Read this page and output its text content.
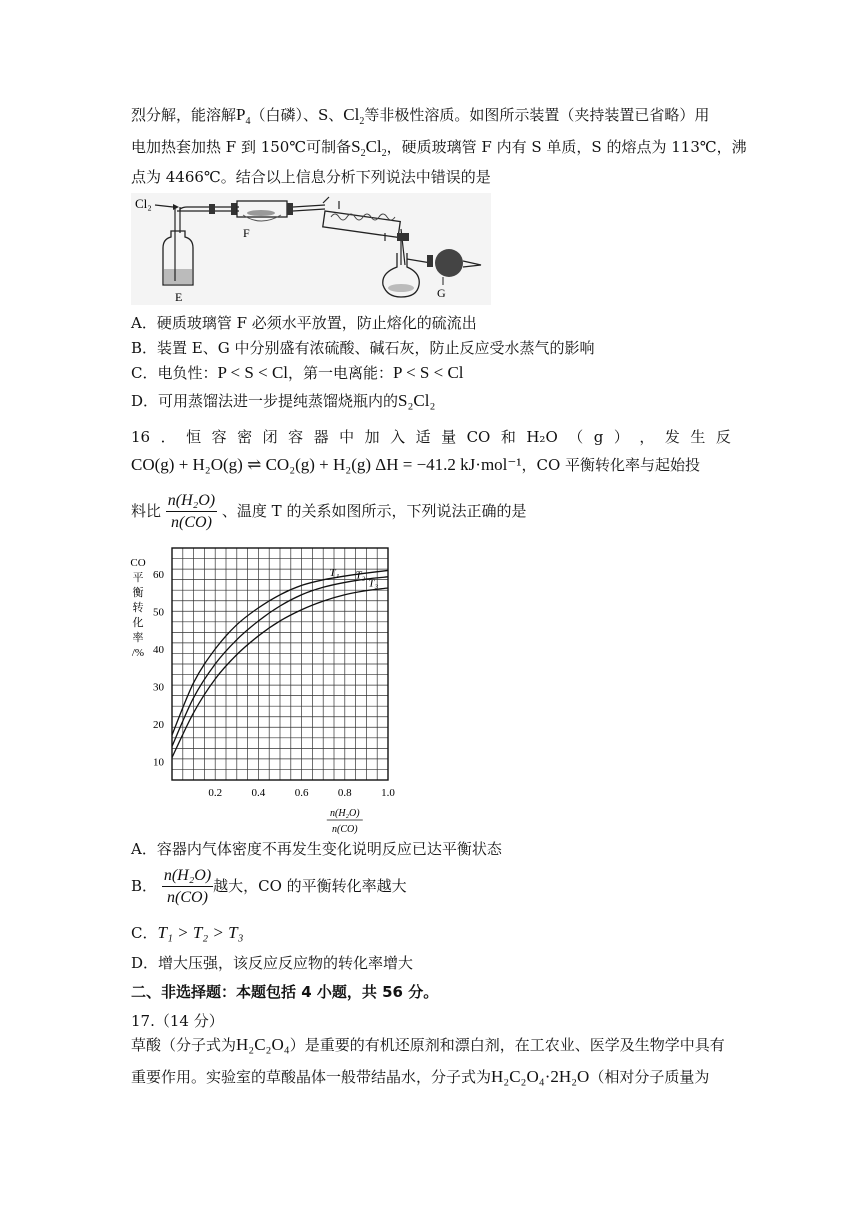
烈分解，能溶解$P_4$（白磷）、S、$Cl_2$等非极性溶质。如图所示装置（夹持装置已省略）用
电加热套加热 F 到 150℃可制备$S_2Cl_2$，硬质玻璃管 F 内有 S 单质，S 的熔点为 113℃，沸
点为 4466℃。结合以上信息分析下列说法中错误的是
Cl₂
E
F
G
A．硬质玻璃管 F 必须水平放置，防止熔化的硫流出
B．装置 E、G 中分别盛有浓硫酸、碱石灰，防止反应受水蒸气的影响
C．电负性：P < S < Cl，第一电离能：P < S < Cl
D．可用蒸馏法进一步提纯蒸馏烧瓶内的S₂Cl₂
16 ． 恒 容 密 闭 容 器 中 加 入 适 量 CO 和 H₂O （ g ） ， 发 生 反
CO(g) + H₂O(g) ⇌ CO₂(g) + H₂(g) ΔH = −41.2 kJ·mol⁻¹，CO 平衡转化率与起始投
料比 $\frac{\text{n(H₂O)}}{n(CO)}$ 、温度 T 的关系如图所示，下列说法正确的是
CO
平
衡
转
化
率
/%
T₁ T₂
T₃
10
20
30
40
50
60
0.2	0.4	0.6	0.8	1.0
n(H₂O)
n(CO)
A．容器内气体密度不再发生变化说明反应已达平衡状态
B． $\frac{\text{n(H₂O)}}{n(CO)}$ 越大，CO 的平衡转化率越大
C．T₁ > T₂ > T₃
D．增大压强，该反应反应物的转化率增大
二、非选择题：本题包括 4 小题，共 56 分。
17.（14 分）
草酸（分子式为H₂C₂O₄）是重要的有机还原剂和漂白剂，在工农业、医学及生物学中具有
重要作用。实验室的草酸晶体一般带结晶水，分子式为H₂C₂O₄·2H₂O（相对分子质量为
